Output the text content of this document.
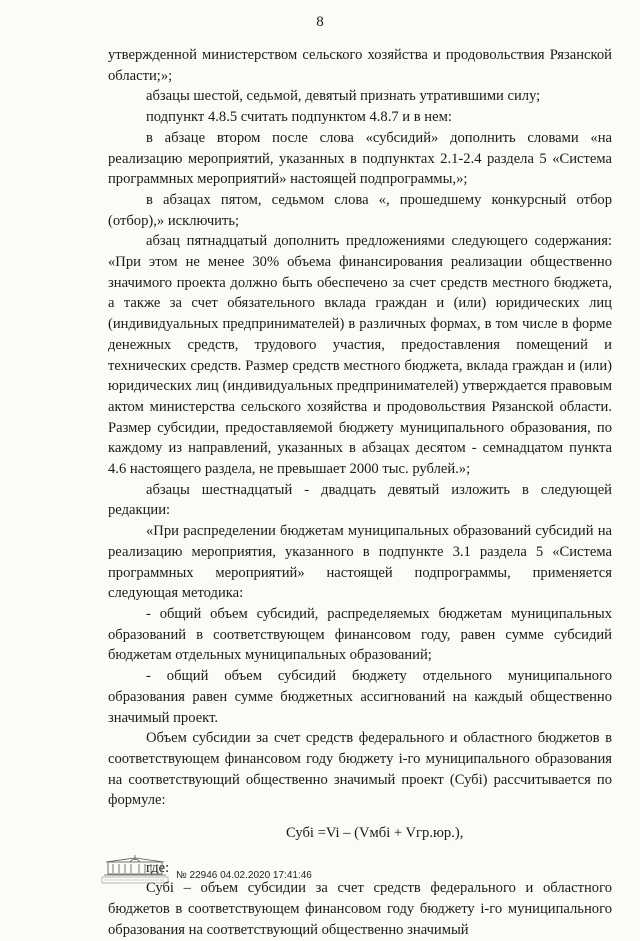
8

утвержденной министерством сельского хозяйства и продовольствия Рязанской области;»;

абзацы шестой, седьмой, девятый признать утратившими силу;

подпункт 4.8.5 считать подпунктом 4.8.7 и в нем:

в абзаце втором после слова «субсидий» дополнить словами «на реализацию мероприятий, указанных в подпунктах 2.1-2.4 раздела 5 «Система программных мероприятий» настоящей подпрограммы,»;

в абзацах пятом, седьмом слова «, прошедшему конкурсный отбор (отбор),» исключить;

абзац пятнадцатый дополнить предложениями следующего содержания: «При этом не менее 30% объема финансирования реализации общественно значимого проекта должно быть обеспечено за счет средств местного бюджета, а также за счет обязательного вклада граждан и (или) юридических лиц (индивидуальных предпринимателей) в различных формах, в том числе в форме денежных средств, трудового участия, предоставления помещений и технических средств. Размер средств местного бюджета, вклада граждан и (или) юридических лиц (индивидуальных предпринимателей) утверждается правовым актом министерства сельского хозяйства и продовольствия Рязанской области. Размер субсидии, предоставляемой бюджету муниципального образования, по каждому из направлений, указанных в абзацах десятом - семнадцатом пункта 4.6 настоящего раздела, не превышает 2000 тыс. рублей.»;

абзацы шестнадцатый - двадцать девятый изложить в следующей редакции:

«При распределении бюджетам муниципальных образований субсидий на реализацию мероприятия, указанного в подпункте 3.1 раздела 5 «Система программных мероприятий» настоящей подпрограммы, применяется следующая методика:

- общий объем субсидий, распределяемых бюджетам муниципальных образований в соответствующем финансовом году, равен сумме субсидий бюджетам отдельных муниципальных образований;

- общий объем субсидий бюджету отдельного муниципального образования равен сумме бюджетных ассигнований на каждый общественно значимый проект.

Объем субсидии за счет средств федерального и областного бюджетов в соответствующем финансовом году бюджету i-го муниципального образования на соответствующий общественно значимый проект (Субi) рассчитывается по формуле:

Субi =Vi – (Vмбi + Vгр.юр.),

где:

Субi – объем субсидии за счет средств федерального и областного бюджетов в соответствующем финансовом году бюджету i-го муниципального образования на соответствующий общественно значимый

№ 22946 04.02.2020 17:41:46
